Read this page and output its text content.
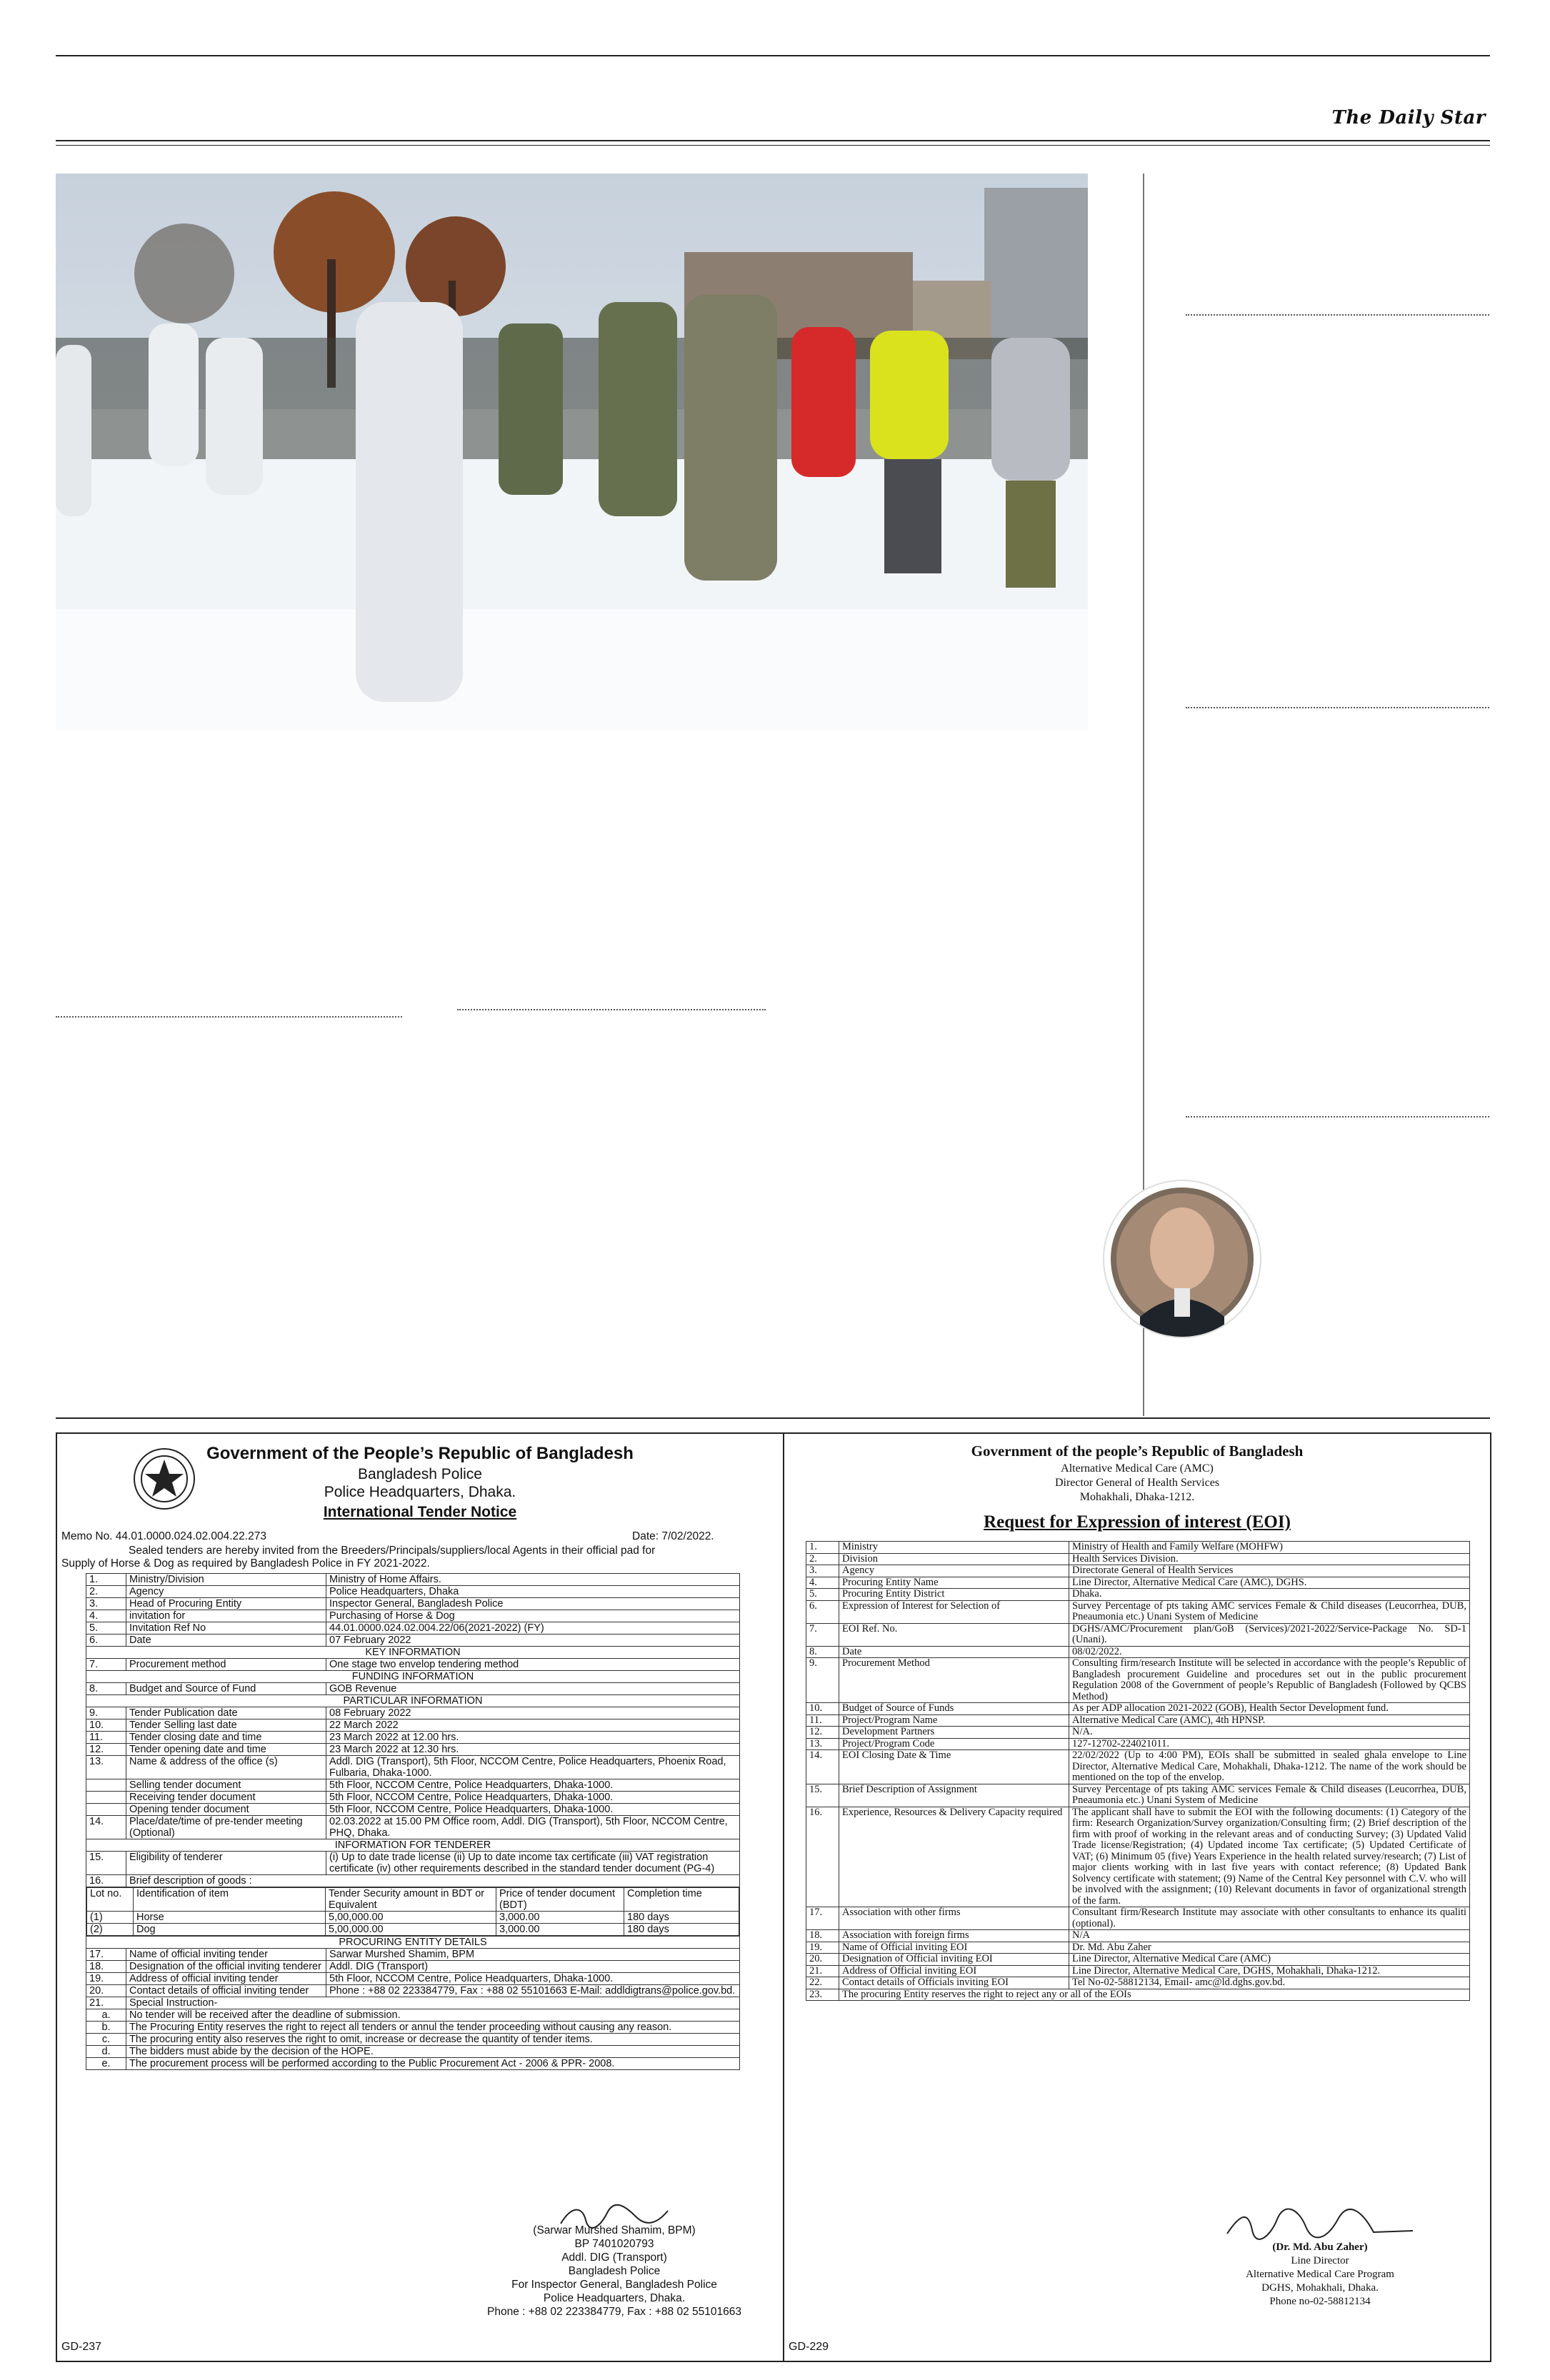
The Daily Star
Government of the People’s Republic of Bangladesh
Bangladesh Police
Police Headquarters, Dhaka.
International Tender Notice
Memo No. 44.01.0000.024.02.004.22.273	Date: 7/02/2022.
Sealed tenders are hereby invited from the Breeders/Principals/suppliers/local Agents in their official pad for
Supply of Horse & Dog as required by Bangladesh Police in FY 2021-2022.
1.	Ministry/Division	Ministry of Home Affairs.
2.	Agency	Police Headquarters, Dhaka
3.	Head of Procuring Entity	Inspector General, Bangladesh Police
4.	invitation for	Purchasing of Horse & Dog
5.	Invitation Ref No	44.01.0000.024.02.004.22/06(2021-2022) (FY)
6.	Date	07 February 2022
KEY INFORMATION
7.	Procurement method	One stage two envelop tendering method
FUNDING INFORMATION
8.	Budget and Source of Fund	GOB Revenue
PARTICULAR INFORMATION
9.	Tender Publication date	08 February 2022
10.	Tender Selling last date	22 March 2022
11.	Tender closing date and time	23 March 2022 at 12.00 hrs.
12.	Tender opening date and time	23 March 2022 at 12.30 hrs.
13.	Name & address of the office (s)	Addl. DIG (Transport), 5th Floor, NCCOM Centre, Police Headquarters, Phoenix Road, Fulbaria, Dhaka-1000.
	Selling tender document	5th Floor, NCCOM Centre, Police Headquarters, Dhaka-1000.
	Receiving tender document	5th Floor, NCCOM Centre, Police Headquarters, Dhaka-1000.
	Opening tender document	5th Floor, NCCOM Centre, Police Headquarters, Dhaka-1000.
14.	Place/date/time of pre-tender meeting (Optional)	02.03.2022 at 15.00 PM Office room, Addl. DIG (Transport), 5th Floor, NCCOM Centre, PHQ, Dhaka.
INFORMATION FOR TENDERER
15.	Eligibility of tenderer	(i) Up to date trade license (ii) Up to date income tax certificate (iii) VAT registration certificate (iv) other requirements described in the standard tender document (PG-4)
16.	Brief description of goods :

Lot no.	Identification of item	Tender Security amount in BDT or Equivalent	Price of tender document (BDT)	Completion time
(1)	Horse	5,00,000.00	3,000.00	180 days
(2)	Dog	5,00,000.00	3,000.00	180 days

PROCURING ENTITY DETAILS
17.	Name of official inviting tender	Sarwar Murshed Shamim, BPM
18.	Designation of the official inviting tenderer	Addl. DIG (Transport)
19.	Address of official inviting tender	5th Floor, NCCOM Centre, Police Headquarters, Dhaka-1000.
20.	Contact details of official inviting tender	Phone : +88 02 223384779, Fax : +88 02 55101663 E-Mail: addldigtrans@police.gov.bd.
21.	Special Instruction-
a.	No tender will be received after the deadline of submission.
b.	The Procuring Entity reserves the right to reject all tenders or annul the tender proceeding without causing any reason.
c.	The procuring entity also reserves the right to omit, increase or decrease the quantity of tender items.
d.	The bidders must abide by the decision of the HOPE.
e.	The procurement process will be performed according to the Public Procurement Act - 2006 & PPR- 2008.
GD-237
(Sarwar Murshed Shamim, BPM)
BP 7401020793
Addl. DIG (Transport)
Bangladesh Police
For Inspector General, Bangladesh Police
Police Headquarters, Dhaka.
Phone : +88 02 223384779, Fax : +88 02 55101663
Government of the people’s Republic of Bangladesh
Alternative Medical Care (AMC)
Director General of Health Services
Mohakhali, Dhaka-1212.
Request for Expression of interest (EOI)
1.	Ministry	Ministry of Health and Family Welfare (MOHFW)
2.	Division	Health Services Division.
3.	Agency	Directorate General of Health Services
4.	Procuring Entity Name	Line Director, Alternative Medical Care (AMC), DGHS.
5.	Procuring Entity District	Dhaka.
6.	Expression of Interest for Selection of	Survey Percentage of pts taking AMC services Female & Child diseases (Leucorrhea, DUB, Pneaumonia etc.) Unani System of Medicine
7.	EOI Ref. No.	DGHS/AMC/Procurement plan/GoB (Services)/2021-2022/Service-Package No. SD-1 (Unani).
8.	Date	08/02/2022.
9.	Procurement Method	Consulting firm/research Institute will be selected in accordance with the people’s Republic of Bangladesh procurement Guideline and procedures set out in the public procurement Regulation 2008 of the Government of people’s Republic of Bangladesh (Followed by QCBS Method)
10.	Budget of Source of Funds	As per ADP allocation 2021-2022 (GOB), Health Sector Development fund.
11.	Project/Program Name	Alternative Medical Care (AMC), 4th HPNSP.
12.	Development Partners	N/A.
13.	Project/Program Code	127-12702-224021011.
14.	EOI Closing Date & Time	22/02/2022 (Up to 4:00 PM), EOIs shall be submitted in sealed ghala envelope to Line Director, Alternative Medical Care, Mohakhali, Dhaka-1212. The name of the work should be mentioned on the top of the envelop.
15.	Brief Description of Assignment	Survey Percentage of pts taking AMC services Female & Child diseases (Leucorrhea, DUB, Pneaumonia etc.) Unani System of Medicine
16.	Experience, Resources & Delivery Capacity required	The applicant shall have to submit the EOI with the following documents: (1) Category of the firm: Research Organization/Survey organization/Consulting firm; (2) Brief description of the firm with proof of working in the relevant areas and of conducting Survey; (3) Updated Valid Trade license/Registration; (4) Updated income Tax certificate; (5) Updated Certificate of VAT; (6) Minimum 05 (five) Years Experience in the health related survey/research; (7) List of major clients working with in last five years with contact reference; (8) Updated Bank Solvency certificate with statement; (9) Name of the Central Key personnel with C.V. who will be involved with the assignment; (10) Relevant documents in favor of organizational strength of the farm.
17.	Association with other firms	Consultant firm/Research Institute may associate with other consultants to enhance its qualiti (optional).
18.	Association with foreign firms	N/A
19.	Name of Official inviting EOI	Dr. Md. Abu Zaher
20.	Designation of Official inviting EOI	Line Director, Alternative Medical Care (AMC)
21.	Address of Official inviting EOI	Line Director, Alternative Medical Care, DGHS, Mohakhali, Dhaka-1212.
22.	Contact details of Officials inviting EOI	Tel No-02-58812134, Email- amc@ld.dghs.gov.bd.
23.	The procuring Entity reserves the right to reject any or all of the EOIs	
(Dr. Md. Abu Zaher)
Line Director
Alternative Medical Care Program
DGHS, Mohakhali, Dhaka.
Phone no-02-58812134
GD-229
